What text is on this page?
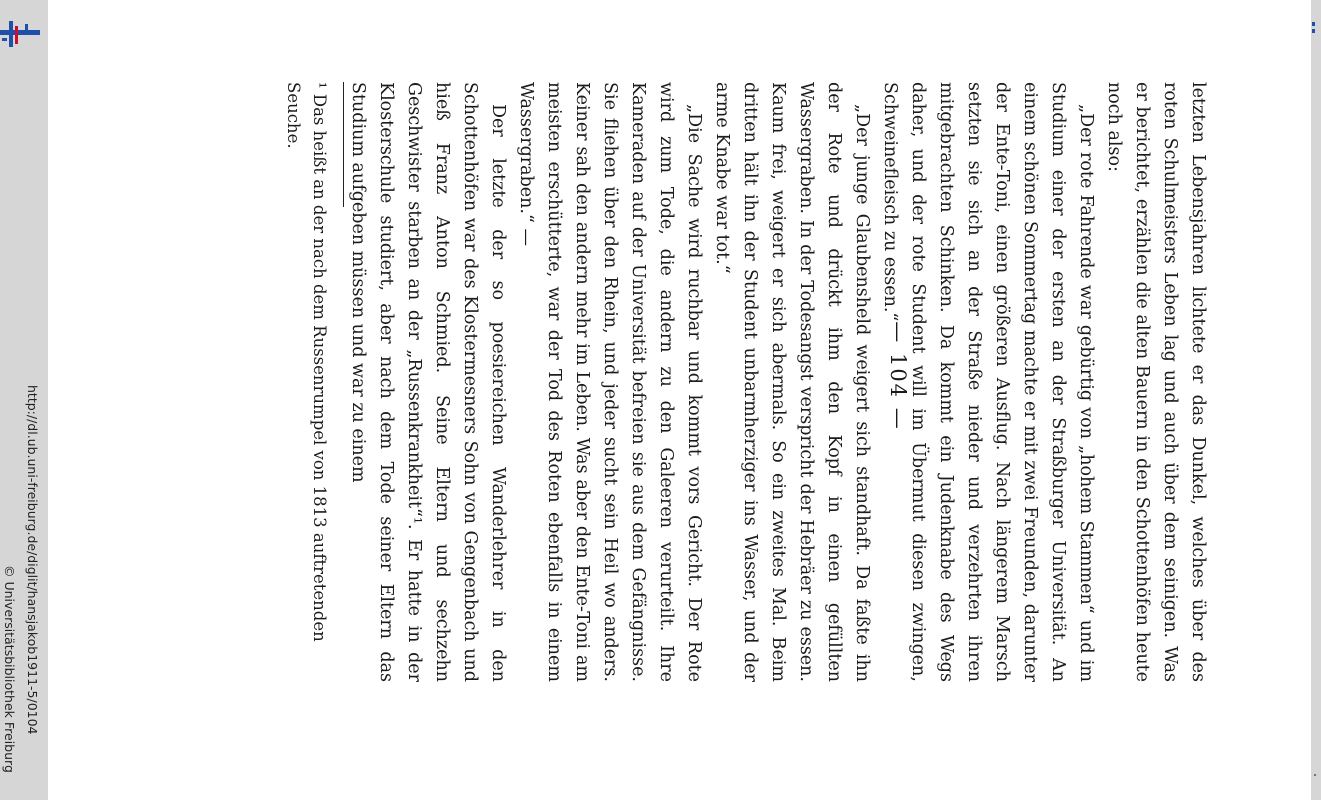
http://dl.ub.uni-freiburg.de/diglit/hansjakob1911-5/0104
© Universitätsbibliothek Freiburg
˚
— 104 —	letzten Lebensjahren lichtete er das Dunkel, welches über des roten Schulmeisters Leben lag und auch über dem seinigen. Was er berichtet, erzählen die alten Bauern in den Schottenhöfen heute noch also:

„Der rote Fahrende war gebürtig von „hohem Stammen“ und im Studium einer der ersten an der Straßburger Universität. An einem schönen Sommertag machte er mit zwei Freunden, darunter der Ente-Toni, einen größeren Ausflug. Nach längerem Marsch setzten sie sich an der Straße nieder und verzehrten ihren mitgebrachten Schinken. Da kommt ein Judenknabe des Wegs daher, und der rote Student will im Übermut diesen zwingen, Schweinefleisch zu essen.“

„Der junge Glaubensheld weigert sich standhaft. Da faßte ihn der Rote und drückt ihm den Kopf in einen gefüllten Wassergraben. In der Todesangst verspricht der Hebräer zu essen. Kaum frei, weigert er sich abermals. So ein zweites Mal. Beim dritten hält ihn der Student unbarmherziger ins Wasser, und der arme Knabe war tot.“

„Die Sache wird ruchbar und kommt vors Gericht. Der Rote wird zum Tode, die andern zu den Galeeren verurteilt. Ihre Kameraden auf der Universität befreien sie aus dem Gefängnisse. Sie fliehen über den Rhein, und jeder sucht sein Heil wo anders. Keiner sah den andern mehr im Leben. Was aber den Ente-Toni am meisten erschütterte, war der Tod des Roten ebenfalls in einem Wassergraben.“ —

Der letzte der so poesiereichen Wanderlehrer in den Schottenhöfen war des Klostermesners Sohn von Gengenbach und hieß Franz Anton Schmied. Seine Eltern und sechzehn Geschwister starben an der „Russenkrankheit“¹. Er hatte in der Klosterschule studiert, aber nach dem Tode seiner Eltern das Studium aufgeben müssen und war zu einem

¹ Das heißt an der nach dem Russenrumpel von 1813 auftretenden Seuche.
